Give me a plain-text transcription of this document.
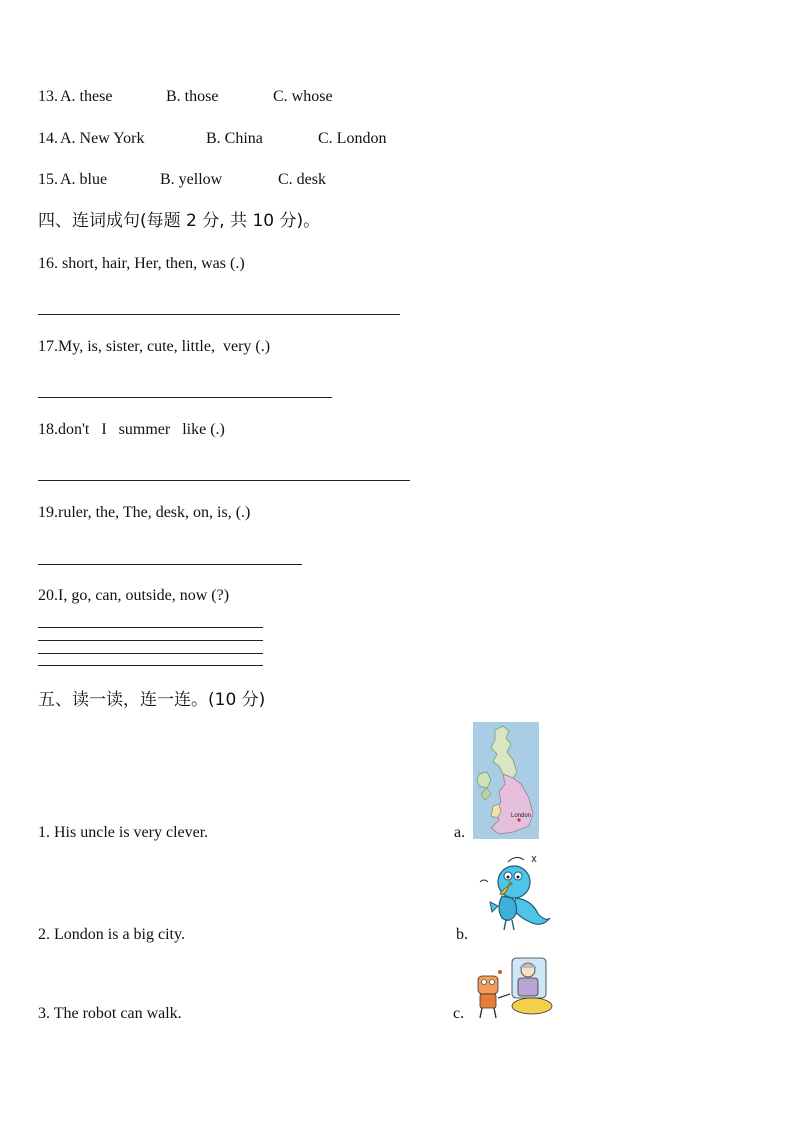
13. A. these	B. those	C. whose
14. A. New York	B. China	C. London
15. A. blue	B. yellow	C. desk
四、连词成句(每题 2 分, 共 10 分)。
16. short, hair, Her, then, was (.)
17.My, is, sister, cute, little,  very (.)
18.don't   I   summer   like (.)
19.ruler, the, The, desk, on, is, (.)
20.I, go, can, outside, now (?)
五、读一读，连一连。(10 分)
1. His uncle is very clever.
2. London is a big city.
3. The robot can walk.
a.
b.
c.
London
